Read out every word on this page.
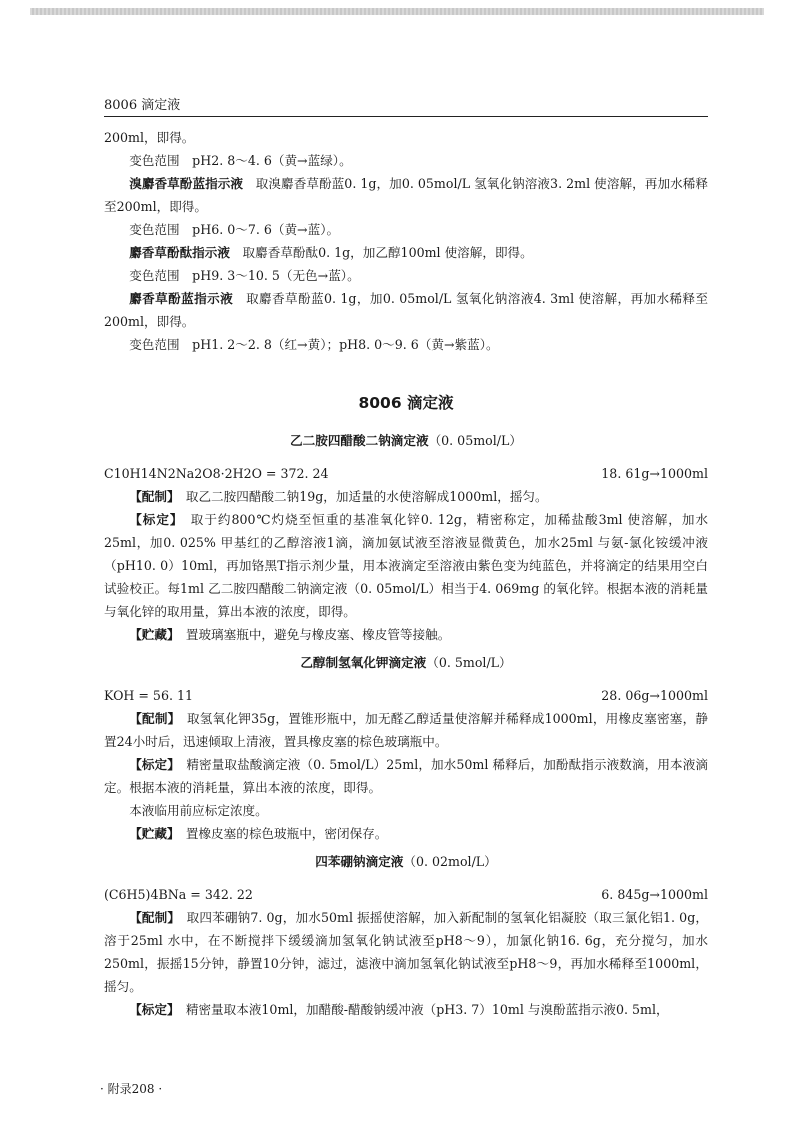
8006 滴定液

200ml，即得。

变色范围　pH2. 8～4. 6（黄→蓝绿）。

溴麝香草酚蓝指示液　取溴麝香草酚蓝0. 1g，加0. 05mol/L 氢氧化钠溶液3. 2ml 使溶解，再加水稀释至200ml，即得。

变色范围　pH6. 0～7. 6（黄→蓝）。

麝香草酚酞指示液　取麝香草酚酞0. 1g，加乙醇100ml 使溶解，即得。

变色范围　pH9. 3～10. 5（无色→蓝）。

麝香草酚蓝指示液　取麝香草酚蓝0. 1g，加0. 05mol/L 氢氧化钠溶液4. 3ml 使溶解，再加水稀释至200ml，即得。

变色范围　pH1. 2～2. 8（红→黄）；pH8. 0～9. 6（黄→紫蓝）。

8006 滴定液
乙二胺四醋酸二钠滴定液（0. 05mol/L）
C10H14N2Na2O8·2H2O = 372. 24	18. 61g→1000ml

【配制】　取乙二胺四醋酸二钠19g，加适量的水使溶解成1000ml，摇匀。

【标定】　取于约800℃灼烧至恒重的基准氧化锌0. 12g，精密称定，加稀盐酸3ml 使溶解，加水25ml，加0. 025% 甲基红的乙醇溶液1滴，滴加氨试液至溶液显微黄色，加水25ml 与氨-氯化铵缓冲液（pH10. 0）10ml，再加铬黑T指示剂少量，用本液滴定至溶液由紫色变为纯蓝色，并将滴定的结果用空白试验校正。每1ml 乙二胺四醋酸二钠滴定液（0. 05mol/L）相当于4. 069mg 的氧化锌。根据本液的消耗量与氧化锌的取用量，算出本液的浓度，即得。

【贮藏】　置玻璃塞瓶中，避免与橡皮塞、橡皮管等接触。

乙醇制氢氧化钾滴定液（0. 5mol/L）
KOH = 56. 11	28. 06g→1000ml

【配制】　取氢氧化钾35g，置锥形瓶中，加无醛乙醇适量使溶解并稀释成1000ml，用橡皮塞密塞，静置24小时后，迅速倾取上清液，置具橡皮塞的棕色玻璃瓶中。

【标定】　精密量取盐酸滴定液（0. 5mol/L）25ml，加水50ml 稀释后，加酚酞指示液数滴，用本液滴定。根据本液的消耗量，算出本液的浓度，即得。

本液临用前应标定浓度。

【贮藏】　置橡皮塞的棕色玻瓶中，密闭保存。

四苯硼钠滴定液（0. 02mol/L）
(C6H5)4BNa = 342. 22	6. 845g→1000ml

【配制】　取四苯硼钠7. 0g，加水50ml 振摇使溶解，加入新配制的氢氧化铝凝胶（取三氯化铝1. 0g，溶于25ml 水中，在不断搅拌下缓缓滴加氢氧化钠试液至pH8～9），加氯化钠16. 6g，充分搅匀，加水250ml，振摇15分钟，静置10分钟，滤过，滤液中滴加氢氧化钠试液至pH8～9，再加水稀释至1000ml，摇匀。

【标定】　精密量取本液10ml，加醋酸-醋酸钠缓冲液（pH3. 7）10ml 与溴酚蓝指示液0. 5ml，

· 附录208 ·
